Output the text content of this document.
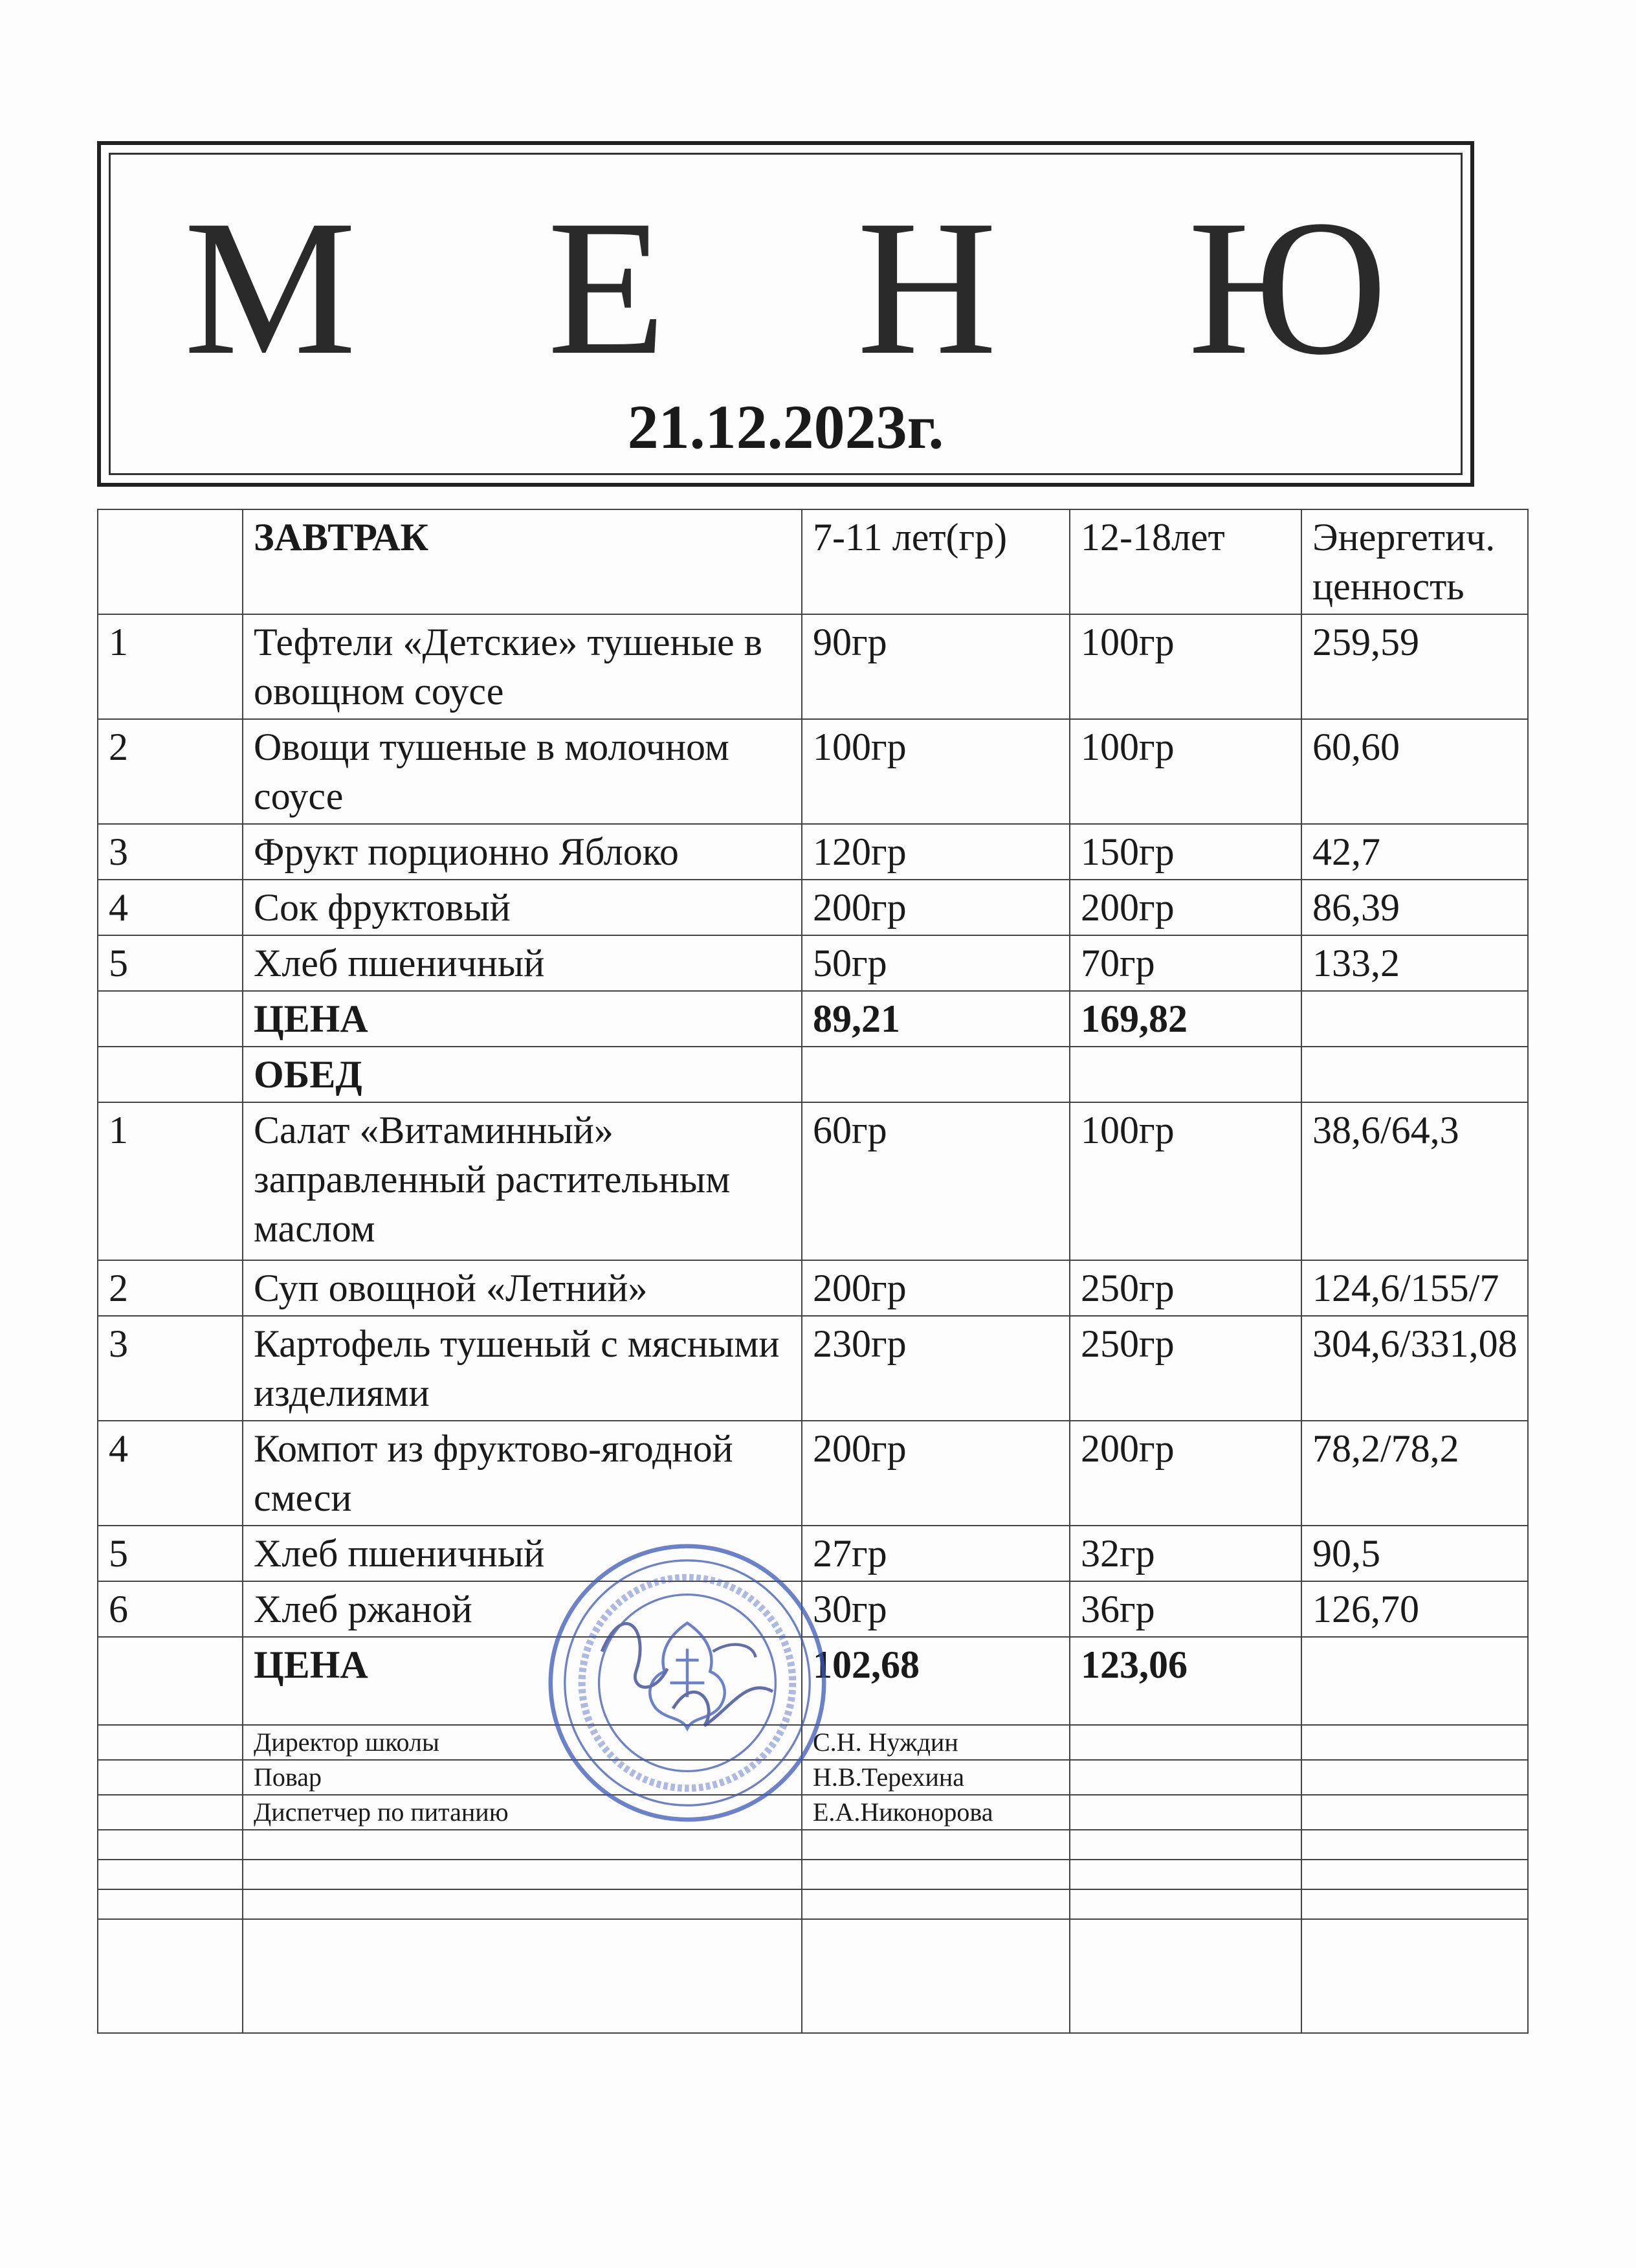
М Е Н Ю
21.12.2023г.
	ЗАВТРАК	7-11 лет(гр)	12-18лет	Энергетич. ценность
1	Тефтели «Детские» тушеные в овощном соусе	90гр	100гр	259,59
2	Овощи тушеные в молочном соусе	100гр	100гр	60,60
3	Фрукт порционно Яблоко	120гр	150гр	42,7
4	Сок фруктовый	200гр	200гр	86,39
5	Хлеб пшеничный	50гр	70гр	133,2
	ЦЕНА	89,21	169,82	
	ОБЕД			
1	Салат «Витаминный» заправленный растительным маслом	60гр	100гр	38,6/64,3
2	Суп овощной «Летний»	200гр	250гр	124,6/155/7
3	Картофель тушеный с мясными изделиями	230гр	250гр	304,6/331,08
4	Компот из фруктово-ягодной смеси	200гр	200гр	78,2/78,2
5	Хлеб пшеничный	27гр	32гр	90,5
6	Хлеб ржаной	30гр	36гр	126,70
	ЦЕНА	102,68	123,06	
	Директор школы	С.Н. Нуждин		
	Повар	Н.В.Терехина		
	Диспетчер по питанию	Е.А.Никонорова		
